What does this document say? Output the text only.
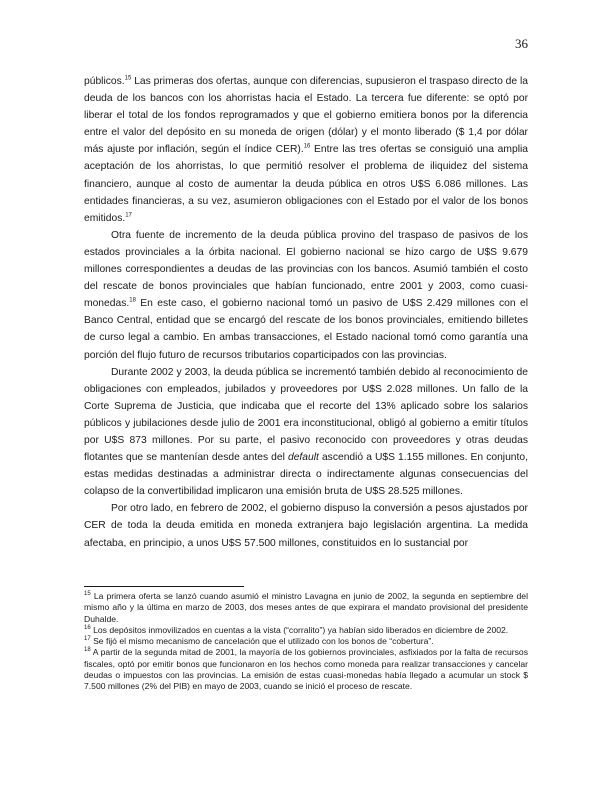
36

públicos.$^{15}$ Las primeras dos ofertas, aunque con diferencias, supusieron el traspaso directo de la deuda de los bancos con los ahorristas hacia el Estado. La tercera fue diferente: se optó por liberar el total de los fondos reprogramados y que el gobierno emitiera bonos por la diferencia entre el valor del depósito en su moneda de origen (dólar) y el monto liberado ($ 1,4 por dólar más ajuste por inflación, según el índice CER).$^{16}$ Entre las tres ofertas se consiguió una amplia aceptación de los ahorristas, lo que permitió resolver el problema de iliquidez del sistema financiero, aunque al costo de aumentar la deuda pública en otros U$S 6.086 millones. Las entidades financieras, a su vez, asumieron obligaciones con el Estado por el valor de los bonos emitidos.$^{17}$

Otra fuente de incremento de la deuda pública provino del traspaso de pasivos de los estados provinciales a la órbita nacional. El gobierno nacional se hizo cargo de U$S 9.679 millones correspondientes a deudas de las provincias con los bancos. Asumió también el costo del rescate de bonos provinciales que habían funcionado, entre 2001 y 2003, como cuasi-monedas.$^{18}$ En este caso, el gobierno nacional tomó un pasivo de U$S 2.429 millones con el Banco Central, entidad que se encargó del rescate de los bonos provinciales, emitiendo billetes de curso legal a cambio. En ambas transacciones, el Estado nacional tomó como garantía una porción del flujo futuro de recursos tributarios coparticipados con las provincias.

Durante 2002 y 2003, la deuda pública se incrementó también debido al reconocimiento de obligaciones con empleados, jubilados y proveedores por U$S 2.028 millones. Un fallo de la Corte Suprema de Justicia, que indicaba que el recorte del 13% aplicado sobre los salarios públicos y jubilaciones desde julio de 2001 era inconstitucional, obligó al gobierno a emitir títulos por U$S 873 millones. Por su parte, el pasivo reconocido con proveedores y otras deudas flotantes que se mantenían desde antes del default ascendió a U$S 1.155 millones. En conjunto, estas medidas destinadas a administrar directa o indirectamente algunas consecuencias del colapso de la convertibilidad implicaron una emisión bruta de U$S 28.525 millones.

Por otro lado, en febrero de 2002, el gobierno dispuso la conversión a pesos ajustados por CER de toda la deuda emitida en moneda extranjera bajo legislación argentina. La medida afectaba, en principio, a unos U$S 57.500 millones, constituidos en lo sustancial por

$^{15}$ La primera oferta se lanzó cuando asumió el ministro Lavagna en junio de 2002, la segunda en septiembre del mismo año y la última en marzo de 2003, dos meses antes de que expirara el mandato provisional del presidente Duhalde.

$^{16}$ Los depósitos inmovilizados en cuentas a la vista (“corralito”) ya habían sido liberados en diciembre de 2002.

$^{17}$ Se fijó el mismo mecanismo de cancelación que el utilizado con los bonos de “cobertura”.

$^{18}$ A partir de la segunda mitad de 2001, la mayoría de los gobiernos provinciales, asfixiados por la falta de recursos fiscales, optó por emitir bonos que funcionaron en los hechos como moneda para realizar transacciones y cancelar deudas o impuestos con las provincias. La emisión de estas cuasi-monedas había llegado a acumular un stock $ 7.500 millones (2% del PIB) en mayo de 2003, cuando se inició el proceso de rescate.
